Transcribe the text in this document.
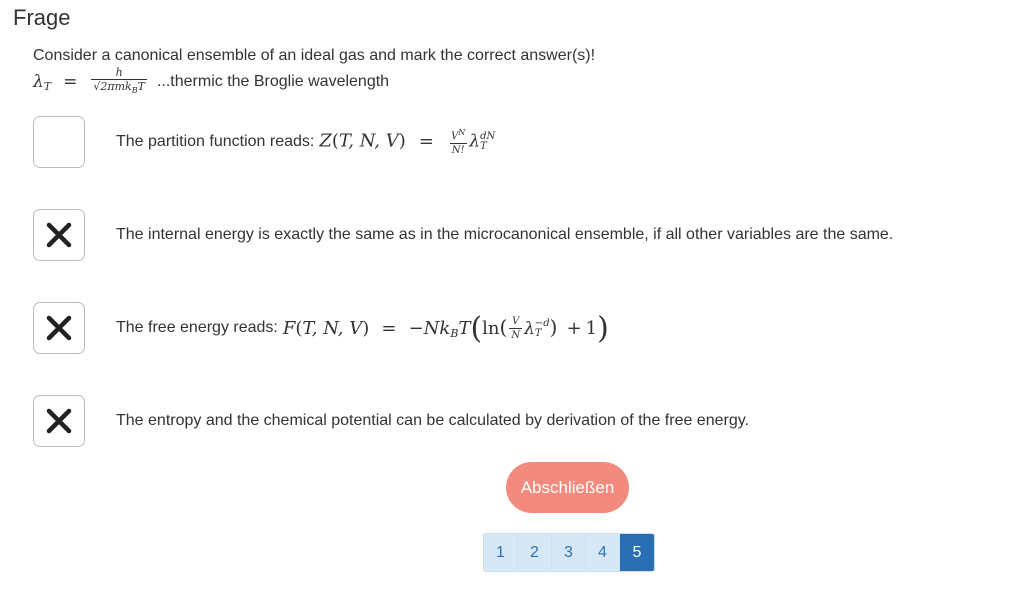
Frage
Consider a canonical ensemble of an ideal gas and mark the correct answer(s)!
$\lambda_T = \frac{h}{√2\pi mk_BT}$ ...thermic the Broglie wavelength
The partition function reads: Z(T, N, $V) = \frac{V^N}{N!}$ λ dN
T
The internal energy is exactly the same as in the microcanonical ensemble, if all other variables are the same.
The free energy reads: F(T, N, $V) = -Nk_BT(\ln( \frac{V}{N}$ λ −d
T ) + 1)
The entropy and the chemical potential can be calculated by derivation of the free energy.
Abschließen
1	2	3	4	5
